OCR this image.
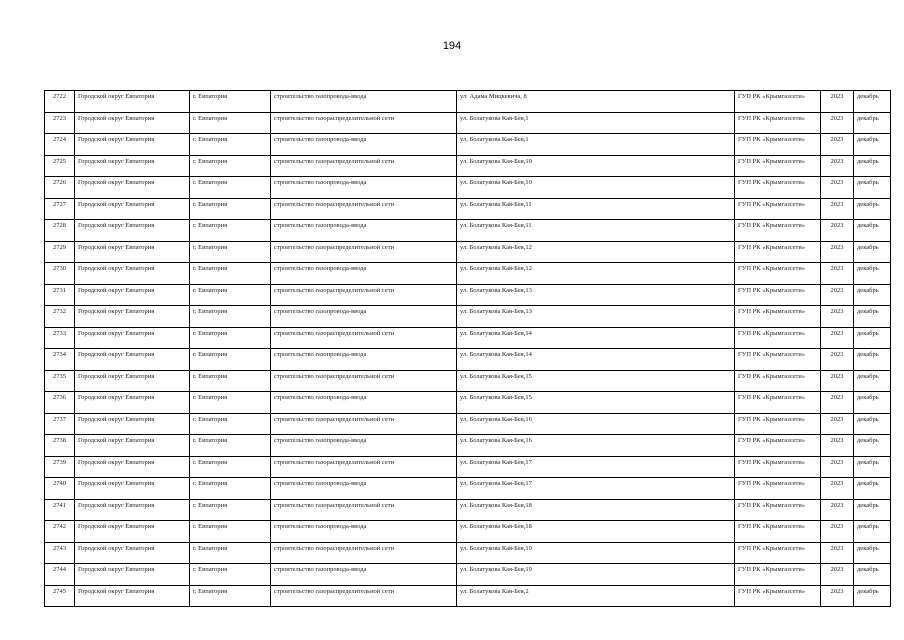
194
2722	Городской округ Евпатория	г. Евпатория	строительство газопровода-ввода	ул. Адама Мицкевича, 8	ГУП РК «Крымгазсети»	2023	декабрь
2723	Городской округ Евпатория	г. Евпатория	строительство газораспределительной сети	ул. Болатукова Кая-Бея,1	ГУП РК «Крымгазсети»	2023	декабрь
2724	Городской округ Евпатория	г. Евпатория	строительство газопровода-ввода	ул. Болатукова Кая-Бея,1	ГУП РК «Крымгазсети»	2023	декабрь
2725	Городской округ Евпатория	г. Евпатория	строительство газораспределительной сети	ул. Болатукова Кая-Бея,10	ГУП РК «Крымгазсети»	2023	декабрь
2726	Городской округ Евпатория	г. Евпатория	строительство газопровода-ввода	ул. Болатукова Кая-Бея,10	ГУП РК «Крымгазсети»	2023	декабрь
2727	Городской округ Евпатория	г. Евпатория	строительство газораспределительной сети	ул. Болатукова Кая-Бея,11	ГУП РК «Крымгазсети»	2023	декабрь
2728	Городской округ Евпатория	г. Евпатория	строительство газопровода-ввода	ул. Болатукова Кая-Бея,11	ГУП РК «Крымгазсети»	2023	декабрь
2729	Городской округ Евпатория	г. Евпатория	строительство газораспределительной сети	ул. Болатукова Кая-Бея,12	ГУП РК «Крымгазсети»	2023	декабрь
2730	Городской округ Евпатория	г. Евпатория	строительство газопровода-ввода	ул. Болатукова Кая-Бея,12	ГУП РК «Крымгазсети»	2023	декабрь
2731	Городской округ Евпатория	г. Евпатория	строительство газораспределительной сети	ул. Болатукова Кая-Бея,13	ГУП РК «Крымгазсети»	2023	декабрь
2732	Городской округ Евпатория	г. Евпатория	строительство газопровода-ввода	ул. Болатукова Кая-Бея,13	ГУП РК «Крымгазсети»	2023	декабрь
2733	Городской округ Евпатория	г. Евпатория	строительство газораспределительной сети	ул. Болатукова Кая-Бея,14	ГУП РК «Крымгазсети»	2023	декабрь
2734	Городской округ Евпатория	г. Евпатория	строительство газопровода-ввода	ул. Болатукова Кая-Бея,14	ГУП РК «Крымгазсети»	2023	декабрь
2735	Городской округ Евпатория	г. Евпатория	строительство газораспределительной сети	ул. Болатукова Кая-Бея,15	ГУП РК «Крымгазсети»	2023	декабрь
2736	Городской округ Евпатория	г. Евпатория	строительство газопровода-ввода	ул. Болатукова Кая-Бея,15	ГУП РК «Крымгазсети»	2023	декабрь
2737	Городской округ Евпатория	г. Евпатория	строительство газораспределительной сети	ул. Болатукова Кая-Бея,16	ГУП РК «Крымгазсети»	2023	декабрь
2738	Городской округ Евпатория	г. Евпатория	строительство газопровода-ввода	ул. Болатукова Кая-Бея,16	ГУП РК «Крымгазсети»	2023	декабрь
2739	Городской округ Евпатория	г. Евпатория	строительство газораспределительной сети	ул. Болатукова Кая-Бея,17	ГУП РК «Крымгазсети»	2023	декабрь
2740	Городской округ Евпатория	г. Евпатория	строительство газопровода-ввода	ул. Болатукова Кая-Бея,17	ГУП РК «Крымгазсети»	2023	декабрь
2741	Городской округ Евпатория	г. Евпатория	строительство газораспределительной сети	ул. Болатукова Кая-Бея,18	ГУП РК «Крымгазсети»	2023	декабрь
2742	Городской округ Евпатория	г. Евпатория	строительство газопровода-ввода	ул. Болатукова Кая-Бея,18	ГУП РК «Крымгазсети»	2023	декабрь
2743	Городской округ Евпатория	г. Евпатория	строительство газораспределительной сети	ул. Болатукова Кая-Бея,19	ГУП РК «Крымгазсети»	2023	декабрь
2744	Городской округ Евпатория	г. Евпатория	строительство газопровода-ввода	ул. Болатукова Кая-Бея,19	ГУП РК «Крымгазсети»	2023	декабрь
2745	Городской округ Евпатория	г. Евпатория	строительство газораспределительной сети	ул. Болатукова Кая-Бея,2	ГУП РК «Крымгазсети»	2023	декабрь
